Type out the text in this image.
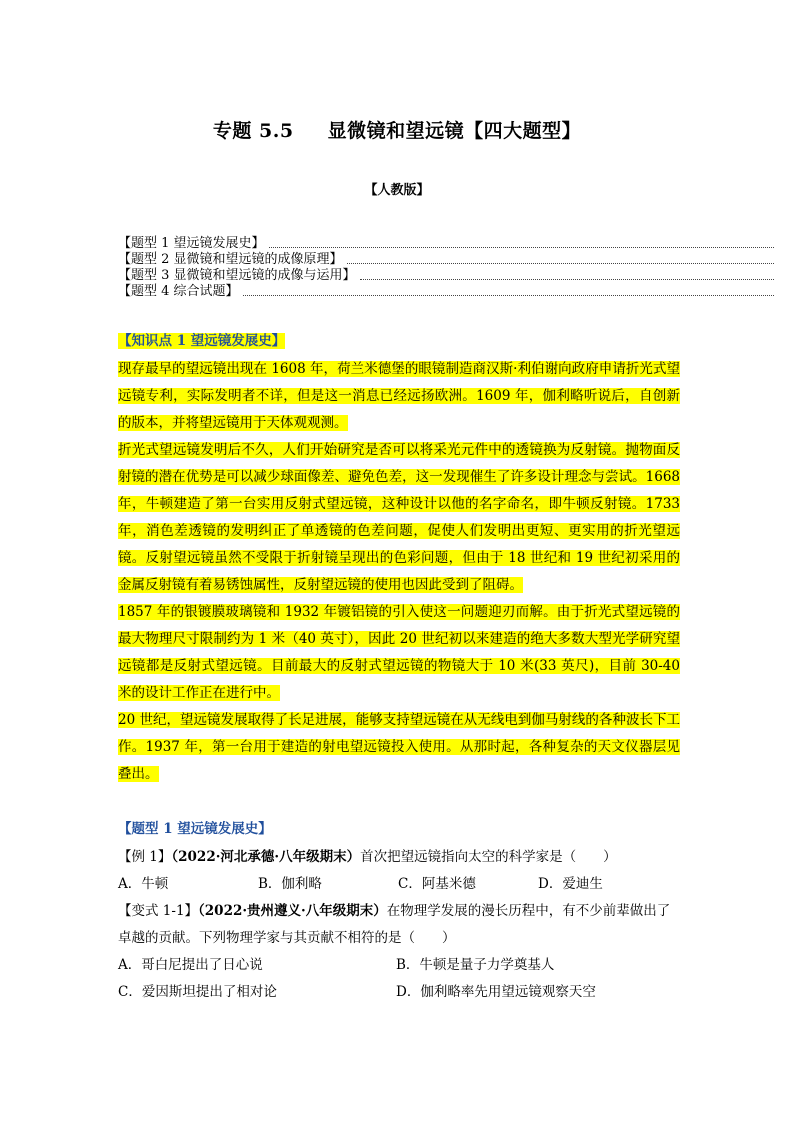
专题 5.5 显微镜和望远镜【四大题型】
【人教版】
【题型 1 望远镜发展史】
【题型 2 显微镜和望远镜的成像原理】
【题型 3 显微镜和望远镜的成像与运用】
【题型 4 综合试题】
【知识点 1 望远镜发展史】

现存最早的望远镜出现在 1608 年，荷兰米德堡的眼镜制造商汉斯·利伯谢向政府申请折光式望远镜专利，实际发明者不详，但是这一消息已经远扬欧洲。1609 年，伽利略听说后，自创新的版本，并将望远镜用于天体观观测。

折光式望远镜发明后不久，人们开始研究是否可以将采光元件中的透镜换为反射镜。抛物面反射镜的潜在优势是可以减少球面像差、避免色差，这一发现催生了许多设计理念与尝试。1668 年，牛顿建造了第一台实用反射式望远镜，这种设计以他的名字命名，即牛顿反射镜。1733 年，消色差透镜的发明纠正了单透镜的色差问题，促使人们发明出更短、更实用的折光望远镜。反射望远镜虽然不受限于折射镜呈现出的色彩问题，但由于 18 世纪和 19 世纪初采用的金属反射镜有着易锈蚀属性，反射望远镜的使用也因此受到了阻碍。

1857 年的银镀膜玻璃镜和 1932 年镀铝镜的引入使这一问题迎刃而解。由于折光式望远镜的最大物理尺寸限制约为 1 米（40 英寸），因此 20 世纪初以来建造的绝大多数大型光学研究望远镜都是反射式望远镜。目前最大的反射式望远镜的物镜大于 10 米(33 英尺)，目前 30-40 米的设计工作正在进行中。

20 世纪，望远镜发展取得了长足进展，能够支持望远镜在从无线电到伽马射线的各种波长下工作。1937 年，第一台用于建造的射电望远镜投入使用。从那时起，各种复杂的天文仪器层见叠出。

【题型 1 望远镜发展史】

【例 1】（2022·河北承德·八年级期末）首次把望远镜指向太空的科学家是（　　）

A．牛顿	B．伽利略	C．阿基米德	D．爱迪生

【变式 1-1】（2022·贵州遵义·八年级期末）在物理学发展的漫长历程中，有不少前辈做出了卓越的贡献。下列物理学家与其贡献不相符的是（　　）

A．哥白尼提出了日心说	B．牛顿是量子力学奠基人
C．爱因斯坦提出了相对论	D．伽利略率先用望远镜观察天空
